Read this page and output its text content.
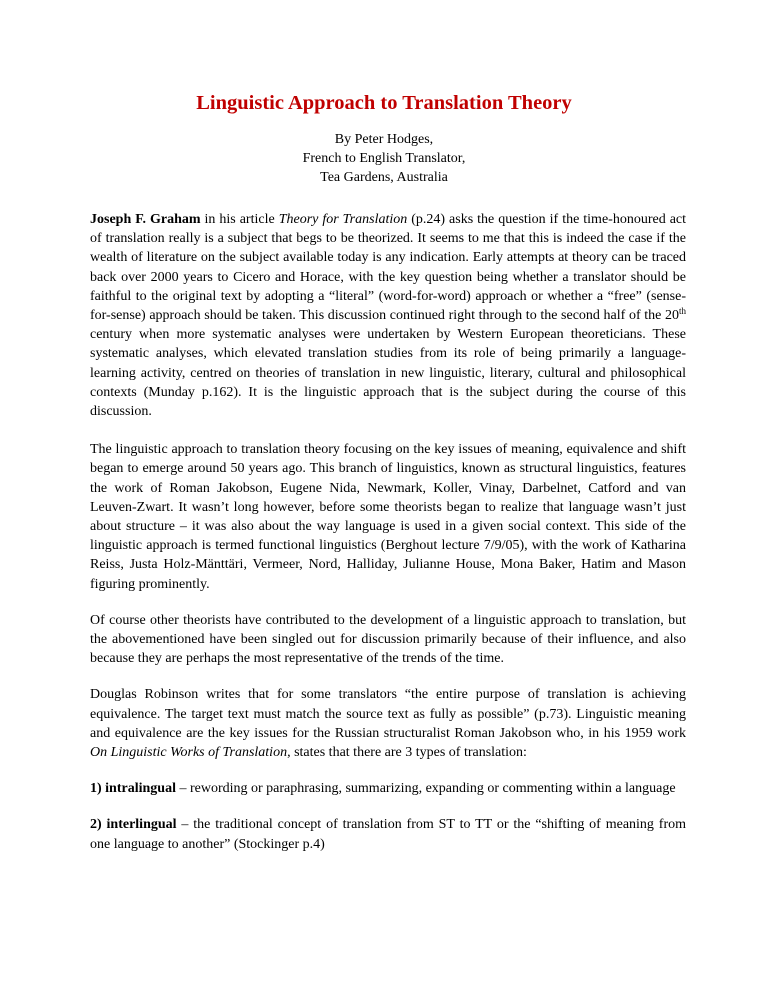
Linguistic Approach to Translation Theory
By Peter Hodges,
French to English Translator,
Tea Gardens, Australia

Joseph F. Graham in his article Theory for Translation (p.24) asks the question if the time-honoured act of translation really is a subject that begs to be theorized. It seems to me that this is indeed the case if the wealth of literature on the subject available today is any indication. Early attempts at theory can be traced back over 2000 years to Cicero and Horace, with the key question being whether a translator should be faithful to the original text by adopting a “literal” (word-for-word) approach or whether a “free” (sense-for-sense) approach should be taken. This discussion continued right through to the second half of the 20th century when more systematic analyses were undertaken by Western European theoreticians. These systematic analyses, which elevated translation studies from its role of being primarily a language-learning activity, centred on theories of translation in new linguistic, literary, cultural and philosophical contexts (Munday p.162). It is the linguistic approach that is the subject during the course of this discussion.

The linguistic approach to translation theory focusing on the key issues of meaning, equivalence and shift began to emerge around 50 years ago. This branch of linguistics, known as structural linguistics, features the work of Roman Jakobson, Eugene Nida, Newmark, Koller, Vinay, Darbelnet, Catford and van Leuven-Zwart. It wasn’t long however, before some theorists began to realize that language wasn’t just about structure – it was also about the way language is used in a given social context. This side of the linguistic approach is termed functional linguistics (Berghout lecture 7/9/05), with the work of Katharina Reiss, Justa Holz-Mänttäri, Vermeer, Nord, Halliday, Julianne House, Mona Baker, Hatim and Mason figuring prominently.

Of course other theorists have contributed to the development of a linguistic approach to translation, but the abovementioned have been singled out for discussion primarily because of their influence, and also because they are perhaps the most representative of the trends of the time.

Douglas Robinson writes that for some translators “the entire purpose of translation is achieving equivalence. The target text must match the source text as fully as possible” (p.73). Linguistic meaning and equivalence are the key issues for the Russian structuralist Roman Jakobson who, in his 1959 work On Linguistic Works of Translation, states that there are 3 types of translation:

1) intralingual – rewording or paraphrasing, summarizing, expanding or commenting within a language

2) interlingual – the traditional concept of translation from ST to TT or the “shifting of meaning from one language to another” (Stockinger p.4)
